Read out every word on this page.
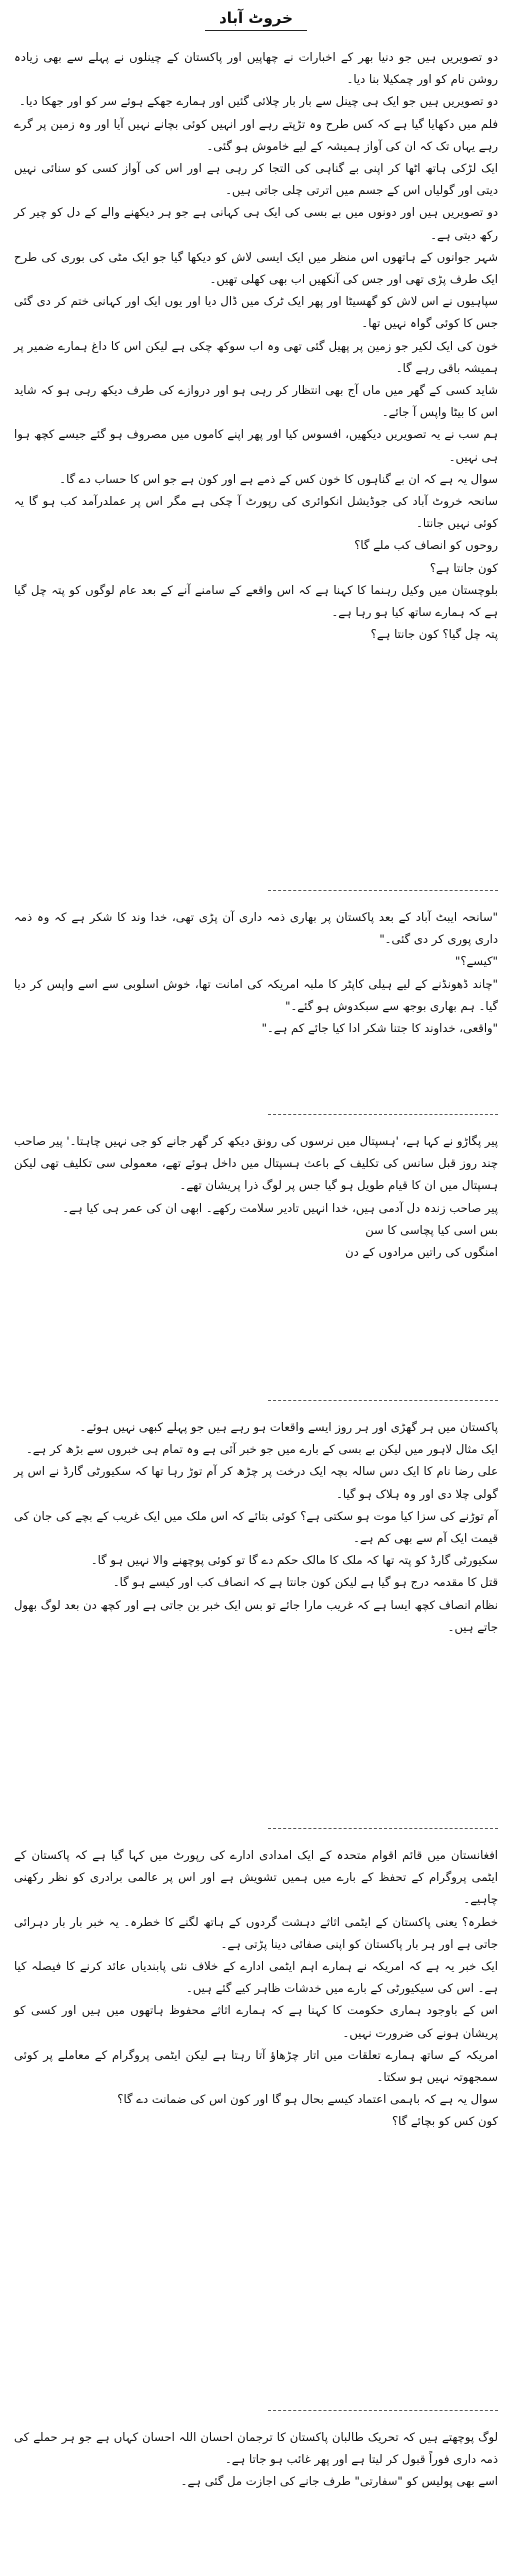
خروٹ آباد

دو تصویریں ہیں جو دنیا بھر کے اخبارات نے چھاپیں اور پاکستان کے چینلوں نے پہلے سے بھی زیادہ روشن نام کو اور چمکیلا بنا دیا۔

دو تصویریں ہیں جو ایک ہی چینل سے بار بار چلائی گئیں اور ہمارے جھکے ہوئے سر کو اور جھکا دیا۔

فلم میں دکھایا گیا ہے کہ کس طرح وہ تڑپتے رہے اور انہیں کوئی بچانے نہیں آیا اور وہ زمین پر گرے رہے یہاں تک کہ ان کی آواز ہمیشہ کے لیے خاموش ہو گئی۔

ایک لڑکی ہاتھ اٹھا کر اپنی بے گناہی کی التجا کر رہی ہے اور اس کی آواز کسی کو سنائی نہیں دیتی اور گولیاں اس کے جسم میں اترتی چلی جاتی ہیں۔

دو تصویریں ہیں اور دونوں میں بے بسی کی ایک ہی کہانی ہے جو ہر دیکھنے والے کے دل کو چیر کر رکھ دیتی ہے۔

شہر جوانوں کے ہاتھوں اس منظر میں ایک ایسی لاش کو دیکھا گیا جو ایک مٹی کی بوری کی طرح ایک طرف پڑی تھی اور جس کی آنکھیں اب بھی کھلی تھیں۔

سپاہیوں نے اس لاش کو گھسیٹا اور پھر ایک ٹرک میں ڈال دیا اور یوں ایک اور کہانی ختم کر دی گئی جس کا کوئی گواہ نہیں تھا۔

خون کی ایک لکیر جو زمین پر پھیل گئی تھی وہ اب سوکھ چکی ہے لیکن اس کا داغ ہمارے ضمیر پر ہمیشہ باقی رہے گا۔

شاید کسی کے گھر میں ماں آج بھی انتظار کر رہی ہو اور دروازے کی طرف دیکھ رہی ہو کہ شاید اس کا بیٹا واپس آ جائے۔

ہم سب نے یہ تصویریں دیکھیں، افسوس کیا اور پھر اپنے کاموں میں مصروف ہو گئے جیسے کچھ ہوا ہی نہیں۔

سوال یہ ہے کہ ان بے گناہوں کا خون کس کے ذمے ہے اور کون ہے جو اس کا حساب دے گا۔

سانحہ خروٹ آباد کی جوڈیشل انکوائری کی رپورٹ آ چکی ہے مگر اس پر عملدرآمد کب ہو گا یہ کوئی نہیں جانتا۔

روحوں کو انصاف کب ملے گا؟

کون جانتا ہے؟

بلوچستان میں وکیل رہنما کا کہنا ہے کہ اس واقعے کے سامنے آنے کے بعد عام لوگوں کو پتہ چل گیا ہے کہ ہمارے ساتھ کیا ہو رہا ہے۔

پتہ چل گیا؟ کون جانتا ہے؟

"سانحہ ایبٹ آباد کے بعد پاکستان پر بھاری ذمہ داری آن پڑی تھی، خدا وند کا شکر ہے کہ وہ ذمہ داری پوری کر دی گئی۔"

"کیسے؟"

"چاند ڈھونڈنے کے لیے ہیلی کاپٹر کا ملبہ امریکہ کی امانت تھا، خوش اسلوبی سے اسے واپس کر دیا گیا۔ ہم بھاری بوجھ سے سبکدوش ہو گئے۔"

"واقعی، خداوند کا جتنا شکر ادا کیا جائے کم ہے۔"

پیر پگاڑو نے کہا ہے، 'ہسپتال میں نرسوں کی رونق دیکھ کر گھر جانے کو جی نہیں چاہتا۔' پیر صاحب چند روز قبل سانس کی تکلیف کے باعث ہسپتال میں داخل ہوئے تھے، معمولی سی تکلیف تھی لیکن ہسپتال میں ان کا قیام طویل ہو گیا جس پر لوگ ذرا پریشان تھے۔

پیر صاحب زندہ دل آدمی ہیں، خدا انہیں تادیر سلامت رکھے۔ ابھی ان کی عمر ہی کیا ہے۔

بس اسی کیا پچاسی کا سن

امنگوں کی راتیں مرادوں کے دن

پاکستان میں ہر گھڑی اور ہر روز ایسے واقعات ہو رہے ہیں جو پہلے کبھی نہیں ہوئے۔

ایک مثال لاہور میں لیکن بے بسی کے بارے میں جو خبر آئی ہے وہ تمام ہی خبروں سے بڑھ کر ہے۔

علی رضا نام کا ایک دس سالہ بچہ ایک درخت پر چڑھ کر آم توڑ رہا تھا کہ سکیورٹی گارڈ نے اس پر گولی چلا دی اور وہ ہلاک ہو گیا۔

آم توڑنے کی سزا کیا موت ہو سکتی ہے؟ کوئی بتائے کہ اس ملک میں ایک غریب کے بچے کی جان کی قیمت ایک آم سے بھی کم ہے۔

سکیورٹی گارڈ کو پتہ تھا کہ ملک کا مالک حکم دے گا تو کوئی پوچھنے والا نہیں ہو گا۔

قتل کا مقدمہ درج ہو گیا ہے لیکن کون جانتا ہے کہ انصاف کب اور کیسے ہو گا۔

نظام انصاف کچھ ایسا ہے کہ غریب مارا جائے تو بس ایک خبر بن جاتی ہے اور کچھ دن بعد لوگ بھول جاتے ہیں۔

افغانستان میں قائم اقوام متحدہ کے ایک امدادی ادارے کی رپورٹ میں کہا گیا ہے کہ پاکستان کے ایٹمی پروگرام کے تحفظ کے بارے میں ہمیں تشویش ہے اور اس پر عالمی برادری کو نظر رکھنی چاہیے۔

خطرہ؟ یعنی پاکستان کے ایٹمی اثاثے دہشت گردوں کے ہاتھ لگنے کا خطرہ۔ یہ خبر بار بار دہرائی جاتی ہے اور ہر بار پاکستان کو اپنی صفائی دینا پڑتی ہے۔

ایک خبر یہ ہے کہ امریکہ نے ہمارے اہم ایٹمی ادارے کے خلاف نئی پابندیاں عائد کرنے کا فیصلہ کیا ہے۔ اس کی سیکیورٹی کے بارے میں خدشات ظاہر کیے گئے ہیں۔

اس کے باوجود ہماری حکومت کا کہنا ہے کہ ہمارے اثاثے محفوظ ہاتھوں میں ہیں اور کسی کو پریشان ہونے کی ضرورت نہیں۔

امریکہ کے ساتھ ہمارے تعلقات میں اتار چڑھاؤ آتا رہتا ہے لیکن ایٹمی پروگرام کے معاملے پر کوئی سمجھوتہ نہیں ہو سکتا۔

سوال یہ ہے کہ باہمی اعتماد کیسے بحال ہو گا اور کون اس کی ضمانت دے گا؟

کون کس کو بچائے گا؟

لوگ پوچھتے ہیں کہ تحریک طالبان پاکستان کا ترجمان احسان اللہ احسان کہاں ہے جو ہر حملے کی ذمہ داری فوراً قبول کر لیتا ہے اور پھر غائب ہو جاتا ہے۔

اسے بھی پولیس کو "سفارتی" طرف جانے کی اجازت مل گئی ہے۔
